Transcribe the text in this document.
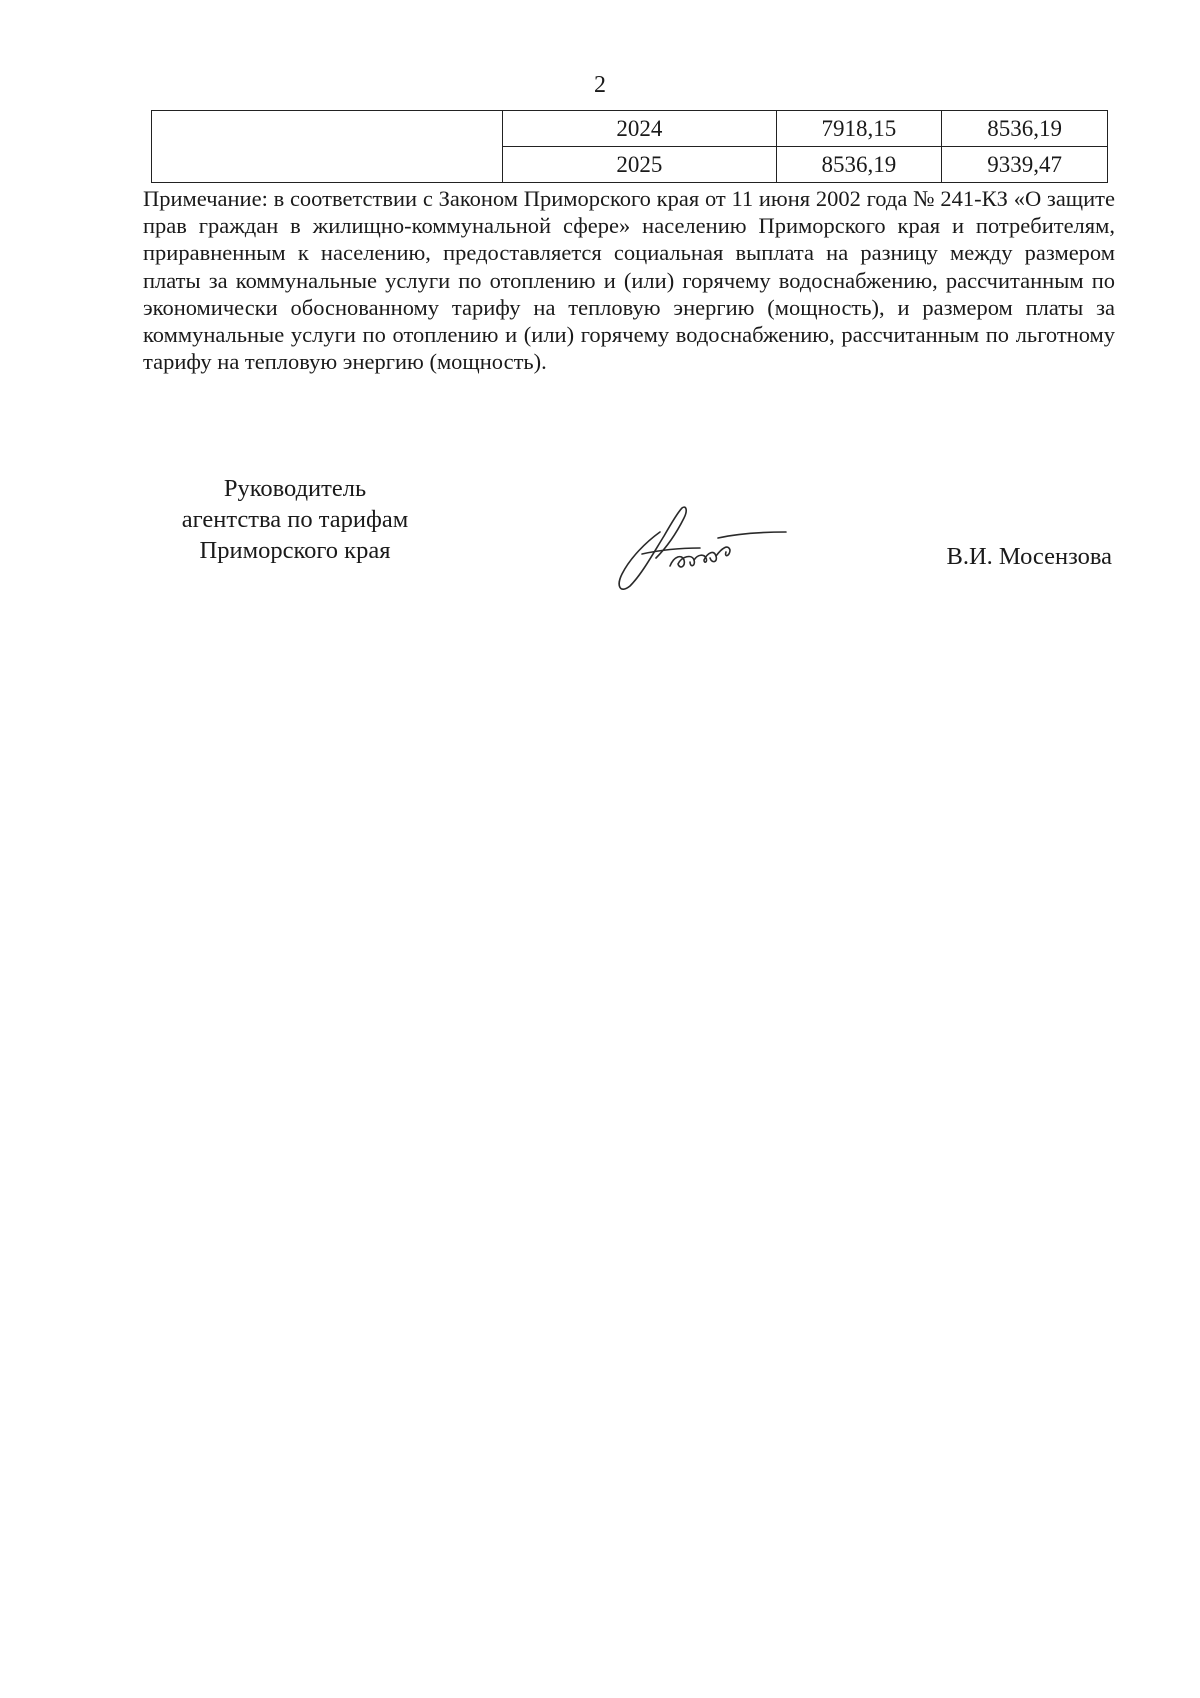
2
	2024	7918,15	8536,19
	2025	8536,19	9339,47
Примечание: в соответствии с Законом Приморского края от 11 июня 2002 года № 241-КЗ «О защите прав граждан в жилищно-коммунальной сфере» населению Приморского края и потребителям, приравненным к населению, предоставляется социальная выплата на разницу между размером платы за коммунальные услуги по отоплению и (или) горячему водоснабжению, рассчитанным по экономически обоснованному тарифу на тепловую энергию (мощность), и размером платы за коммунальные услуги по отоплению и (или) горячему водоснабжению, рассчитанным по льготному тарифу на тепловую энергию (мощность).
Руководитель
агентства по тарифам
Приморского края	В.И. Мосензова
